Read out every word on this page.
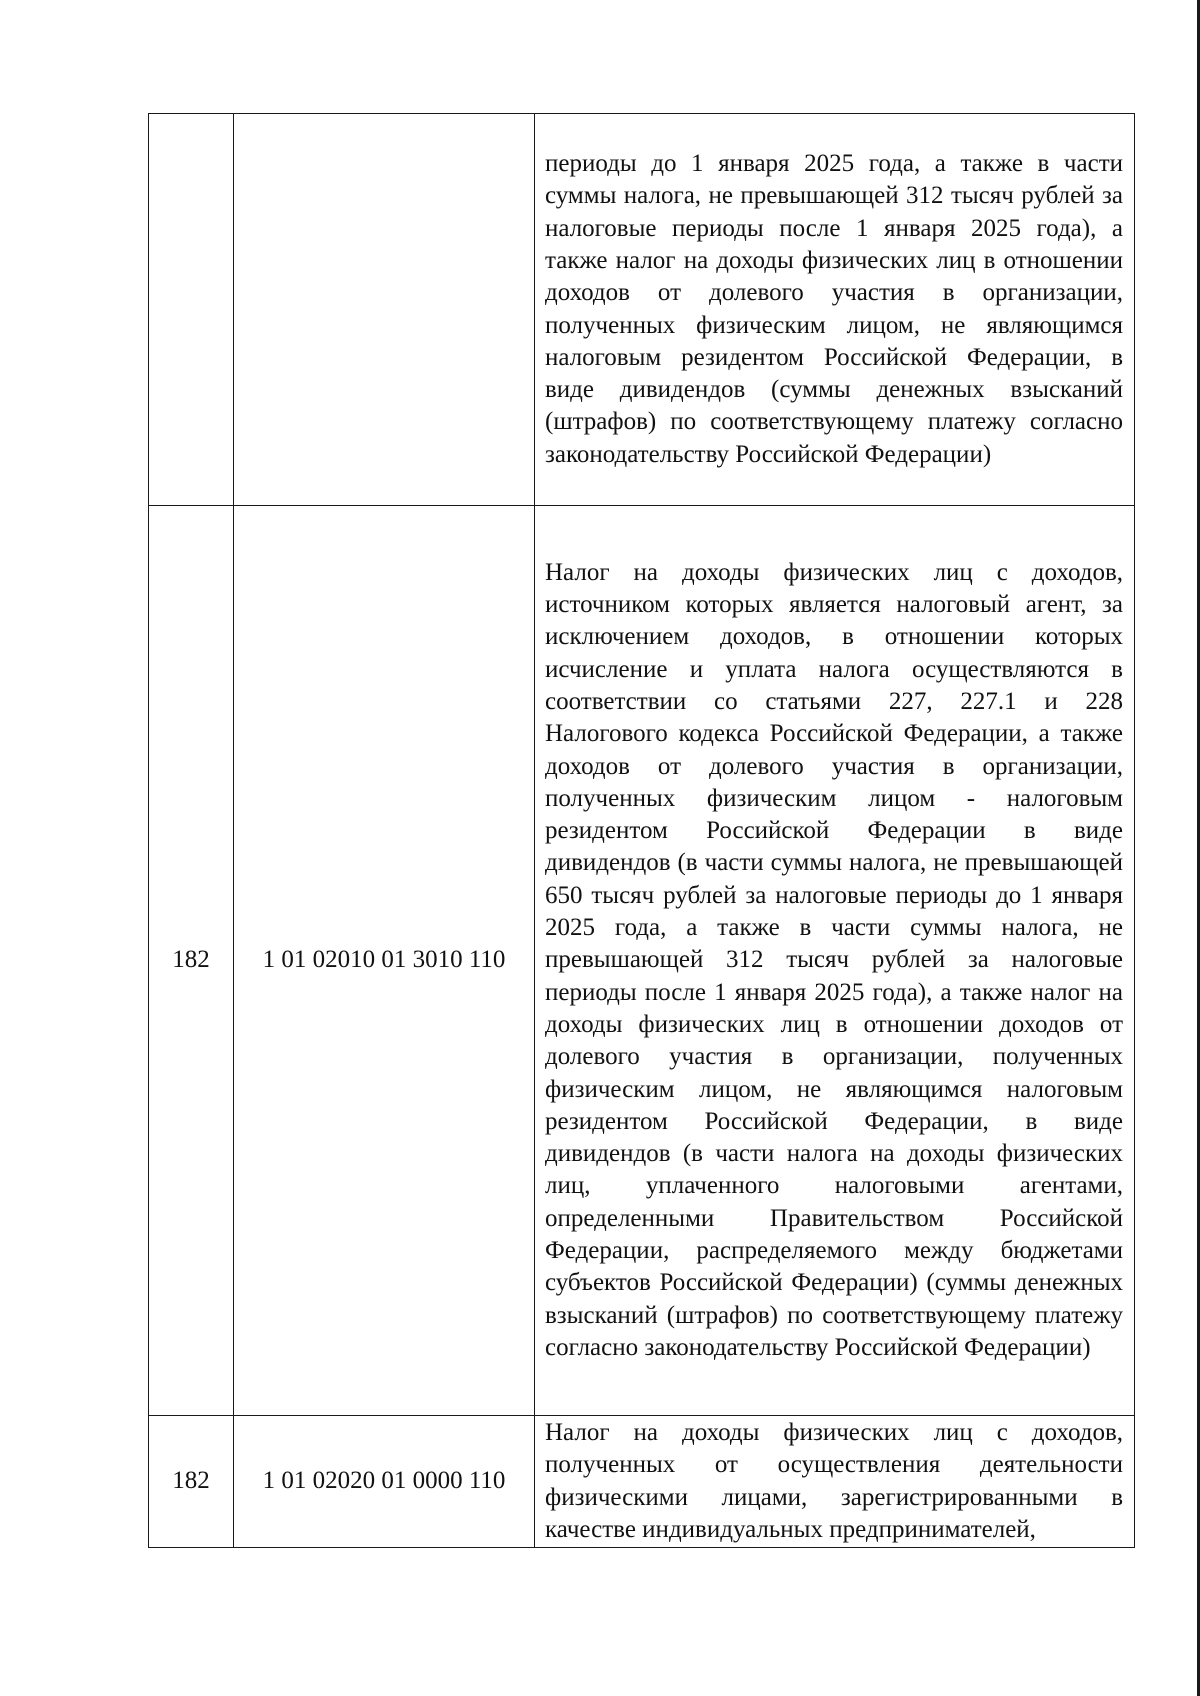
		периоды до 1 января 2025 года, а также в части суммы налога, не превышающей 312 тысяч рублей за налоговые периоды после 1 января 2025 года), а также налог на доходы физических лиц в отношении доходов от долевого участия в организации, полученных физическим лицом, не являющимся налоговым резидентом Российской Федерации, в виде дивидендов (суммы денежных взысканий (штрафов) по соответствующему платежу согласно законодательству Российской Федерации)

182	1 01 02010 01 3010 110	Налог на доходы физических лиц с доходов, источником которых является налоговый агент, за исключением доходов, в отношении которых исчисление и уплата налога осуществляются в соответствии со статьями 227, 227.1 и 228 Налогового кодекса Российской Федерации, а также доходов от долевого участия в организации, полученных физическим лицом - налоговым резидентом Российской Федерации в виде дивидендов (в части суммы налога, не превышающей 650 тысяч рублей за налоговые периоды до 1 января 2025 года, а также в части суммы налога, не превышающей 312 тысяч рублей за налоговые периоды после 1 января 2025 года), а также налог на доходы физических лиц в отношении доходов от долевого участия в организации, полученных физическим лицом, не являющимся налоговым резидентом Российской Федерации, в виде дивидендов (в части налога на доходы физических лиц, уплаченного налоговыми агентами, определенными Правительством Российской Федерации, распределяемого между бюджетами субъектов Российской Федерации) (суммы денежных взысканий (штрафов) по соответствующему платежу согласно законодательству Российской Федерации)

182	1 01 02020 01 0000 110	Налог на доходы физических лиц с доходов, полученных от осуществления деятельности физическими лицами, зарегистрированными в качестве индивидуальных предпринимателей,
